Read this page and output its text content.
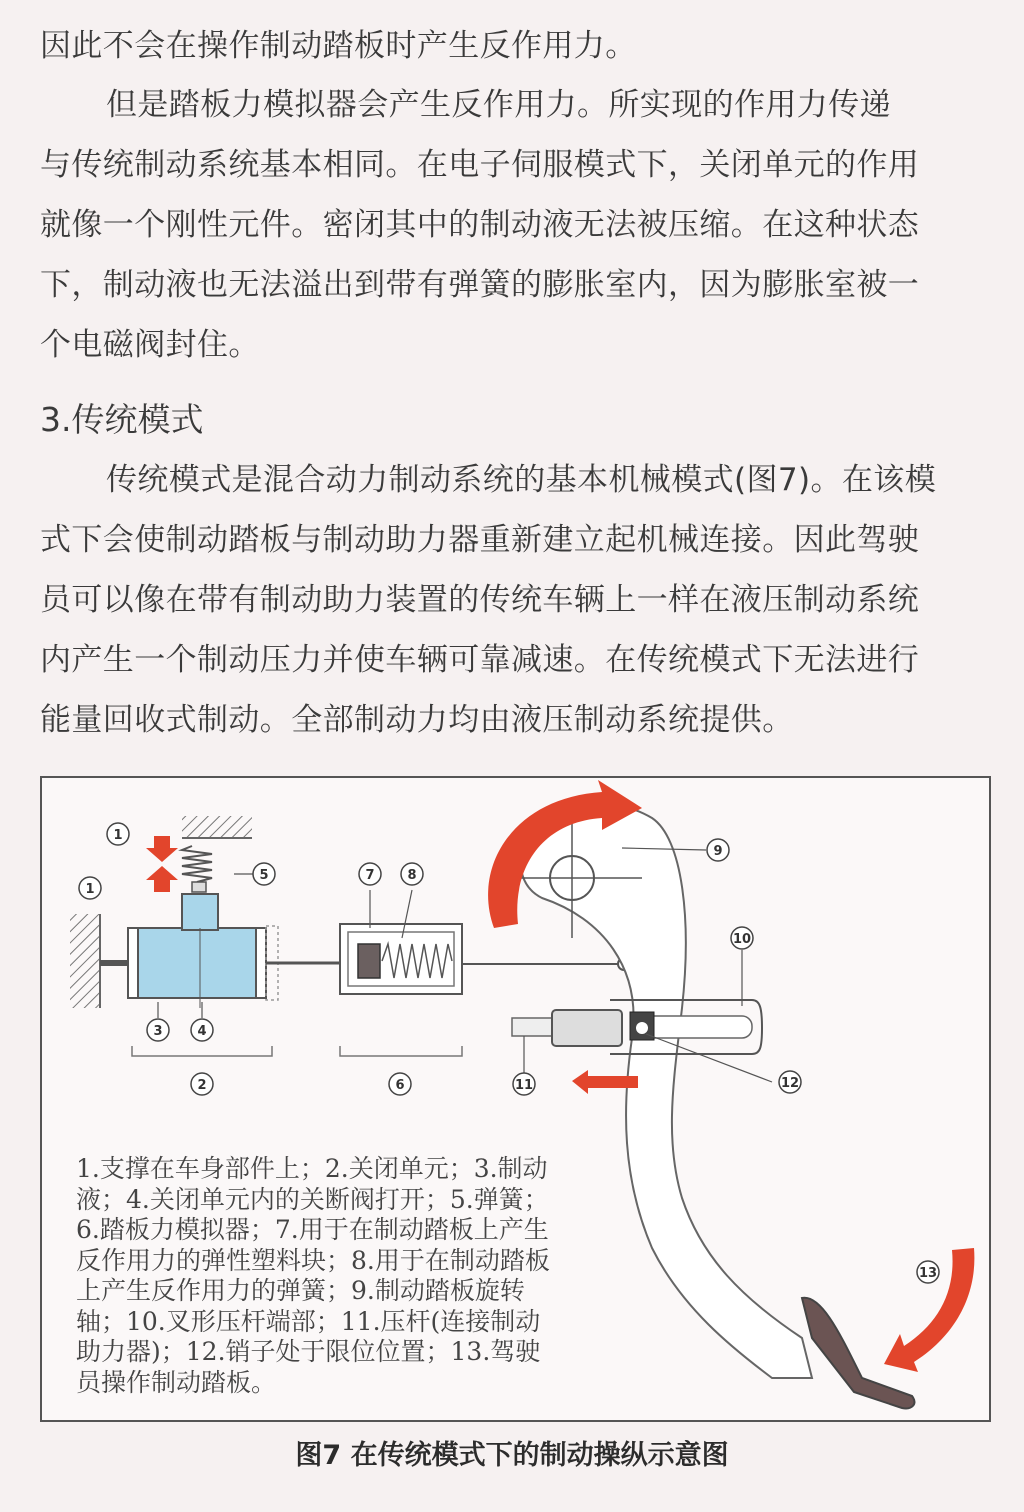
因此不会在操作制动踏板时产生反作用力。
但是踏板力模拟器会产生反作用力。所实现的作用力传递
与传统制动系统基本相同。在电子伺服模式下，关闭单元的作用
就像一个刚性元件。密闭其中的制动液无法被压缩。在这种状态
下，制动液也无法溢出到带有弹簧的膨胀室内，因为膨胀室被一
个电磁阀封住。
3.传统模式
传统模式是混合动力制动系统的基本机械模式(图7)。在该模
式下会使制动踏板与制动助力器重新建立起机械连接。因此驾驶
员可以像在带有制动助力装置的传统车辆上一样在液压制动系统
内产生一个制动压力并使车辆可靠减速。在传统模式下无法进行
能量回收式制动。全部制动力均由液压制动系统提供。
1
1
5	7	8
9
10
3	4
2	6	11	12
13
1.支撑在车身部件上；2.关闭单元；3.制动
液；4.关闭单元内的关断阀打开；5.弹簧；
6.踏板力模拟器；7.用于在制动踏板上产生
反作用力的弹性塑料块；8.用于在制动踏板
上产生反作用力的弹簧；9.制动踏板旋转
轴；10.叉形压杆端部；11.压杆(连接制动
助力器)；12.销子处于限位位置；13.驾驶
员操作制动踏板。
图7 在传统模式下的制动操纵示意图
